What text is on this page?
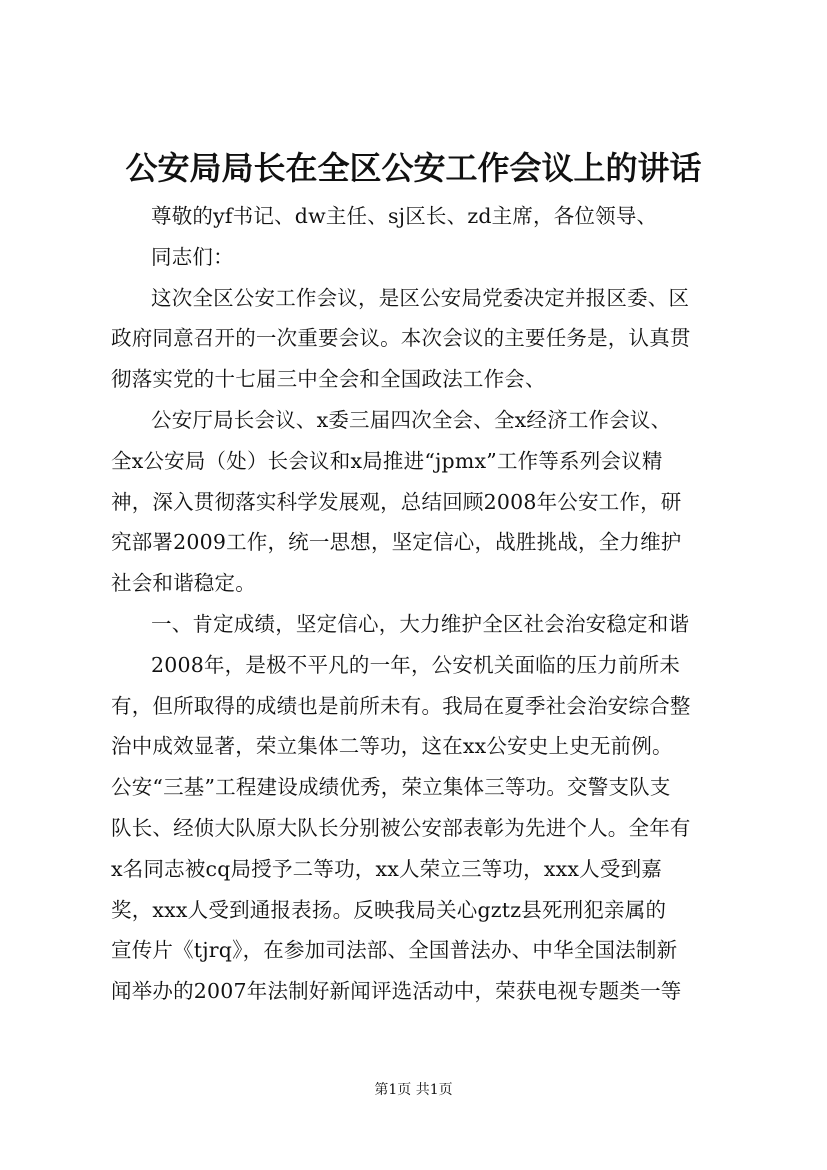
公安局局长在全区公安工作会议上的讲话
尊敬的yf书记、dw主任、sj区长、zd主席，各位领导、
同志们：
这次全区公安工作会议，是区公安局党委决定并报区委、区
政府同意召开的一次重要会议。本次会议的主要任务是，认真贯
彻落实党的十七届三中全会和全国政法工作会、
公安厅局长会议、x委三届四次全会、全x经济工作会议、
全x公安局（处）长会议和x局推进“jpmx”工作等系列会议精
神，深入贯彻落实科学发展观，总结回顾2008年公安工作，研
究部署2009工作，统一思想，坚定信心，战胜挑战，全力维护
社会和谐稳定。
一、肯定成绩，坚定信心，大力维护全区社会治安稳定和谐
2008年，是极不平凡的一年，公安机关面临的压力前所未
有，但所取得的成绩也是前所未有。我局在夏季社会治安综合整
治中成效显著，荣立集体二等功，这在xx公安史上史无前例。
公安“三基”工程建设成绩优秀，荣立集体三等功。交警支队支
队长、经侦大队原大队长分别被公安部表彰为先进个人。全年有
x名同志被cq局授予二等功，xx人荣立三等功，xxx人受到嘉
奖，xxx人受到通报表扬。反映我局关心gztz县死刑犯亲属的
宣传片《tjrq》，在参加司法部、全国普法办、中华全国法制新
闻举办的2007年法制好新闻评选活动中，荣获电视专题类一等
第1页 共1页
